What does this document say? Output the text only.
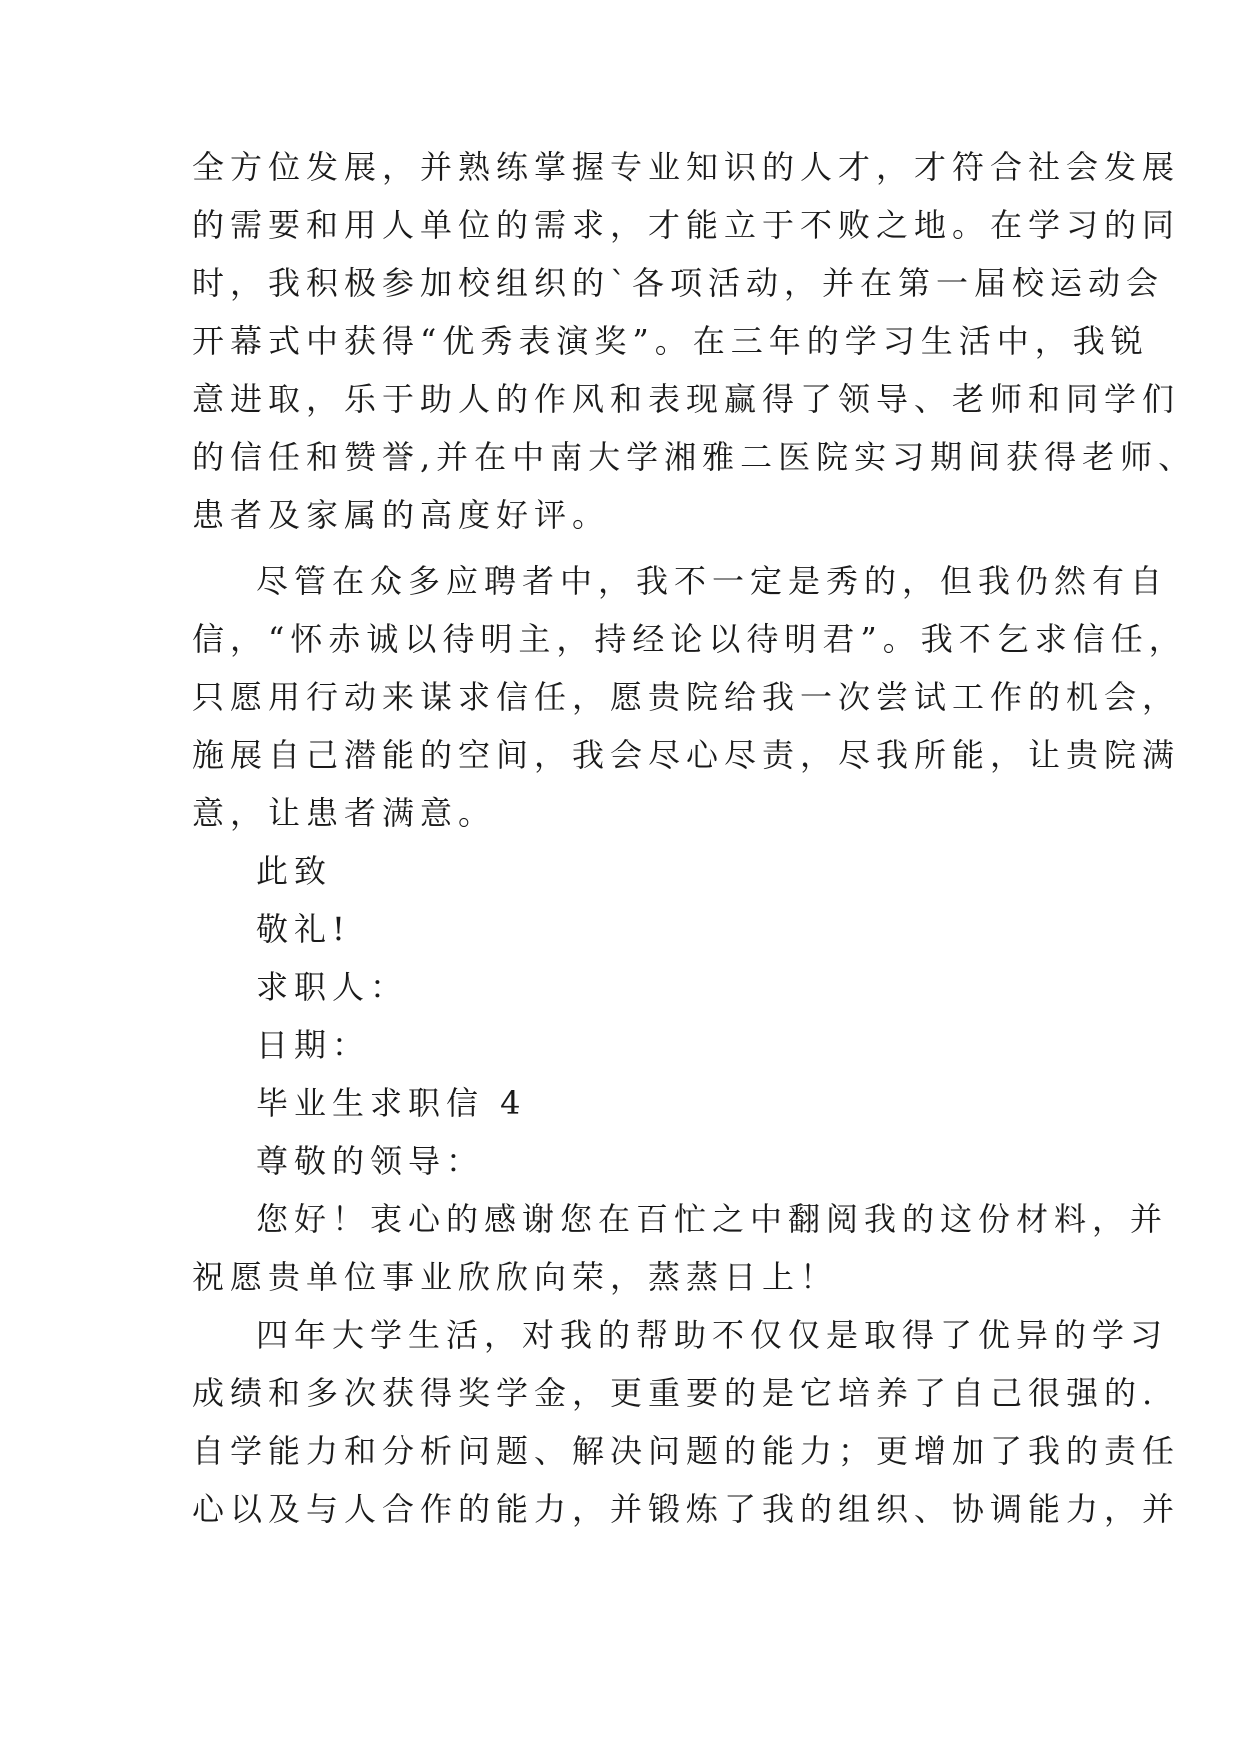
全方位发展，并熟练掌握专业知识的人才，才符合社会发展
的需要和用人单位的需求，才能立于不败之地。在学习的同
时，我积极参加校组织的`各项活动，并在第一届校运动会
开幕式中获得“优秀表演奖”。在三年的学习生活中，我锐
意进取，乐于助人的作风和表现赢得了领导、老师和同学们
的信任和赞誉,并在中南大学湘雅二医院实习期间获得老师、
患者及家属的高度好评。
尽管在众多应聘者中，我不一定是秀的，但我仍然有自
信，“怀赤诚以待明主，持经论以待明君”。我不乞求信任，
只愿用行动来谋求信任，愿贵院给我一次尝试工作的机会，
施展自己潜能的空间，我会尽心尽责，尽我所能，让贵院满
意，让患者满意。
此致
敬礼!
求职人：
日期：
毕业生求职信 4
尊敬的领导：
您好！衷心的感谢您在百忙之中翻阅我的这份材料，并
祝愿贵单位事业欣欣向荣，蒸蒸日上！
四年大学生活，对我的帮助不仅仅是取得了优异的学习
成绩和多次获得奖学金，更重要的是它培养了自己很强的.
自学能力和分析问题、解决问题的能力；更增加了我的责任
心以及与人合作的能力，并锻炼了我的组织、协调能力，并
